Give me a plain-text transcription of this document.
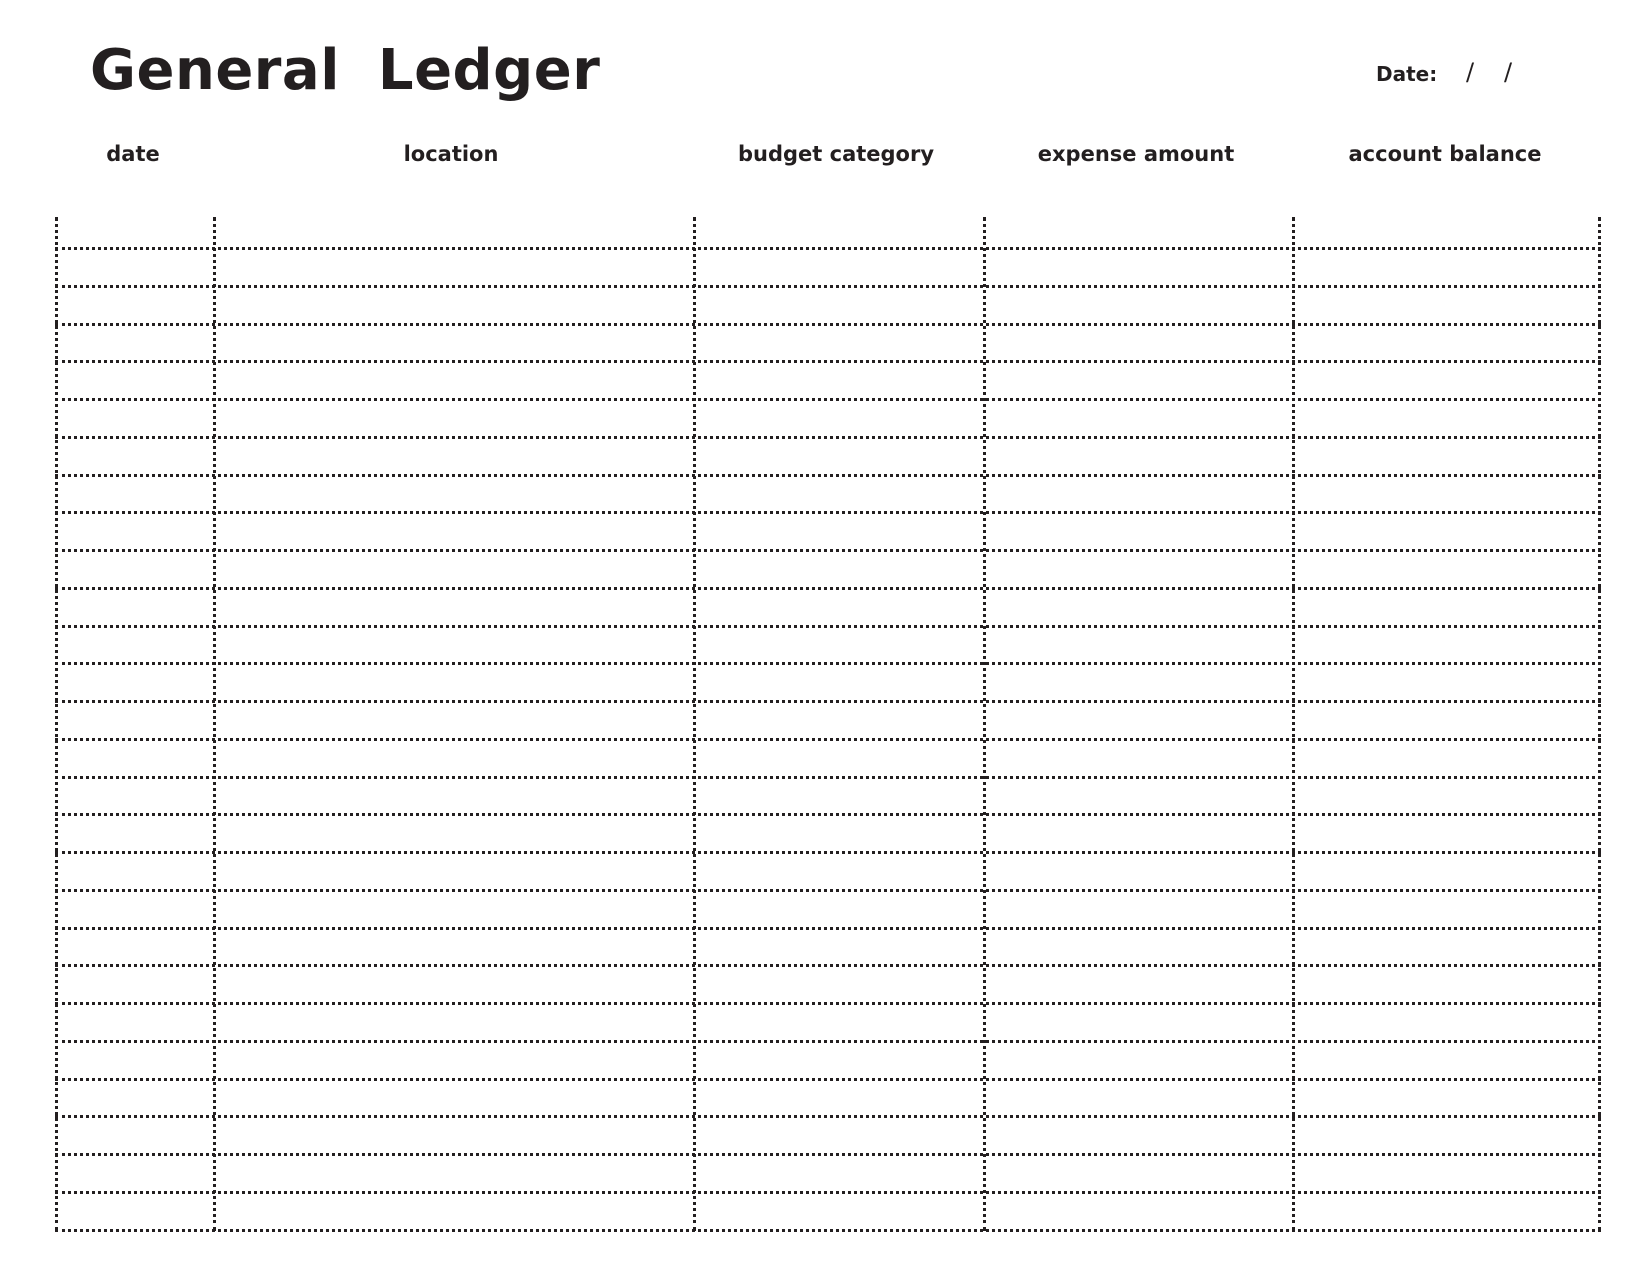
General Ledger	Date: / /
date	location	budget category	expense amount	account balance
